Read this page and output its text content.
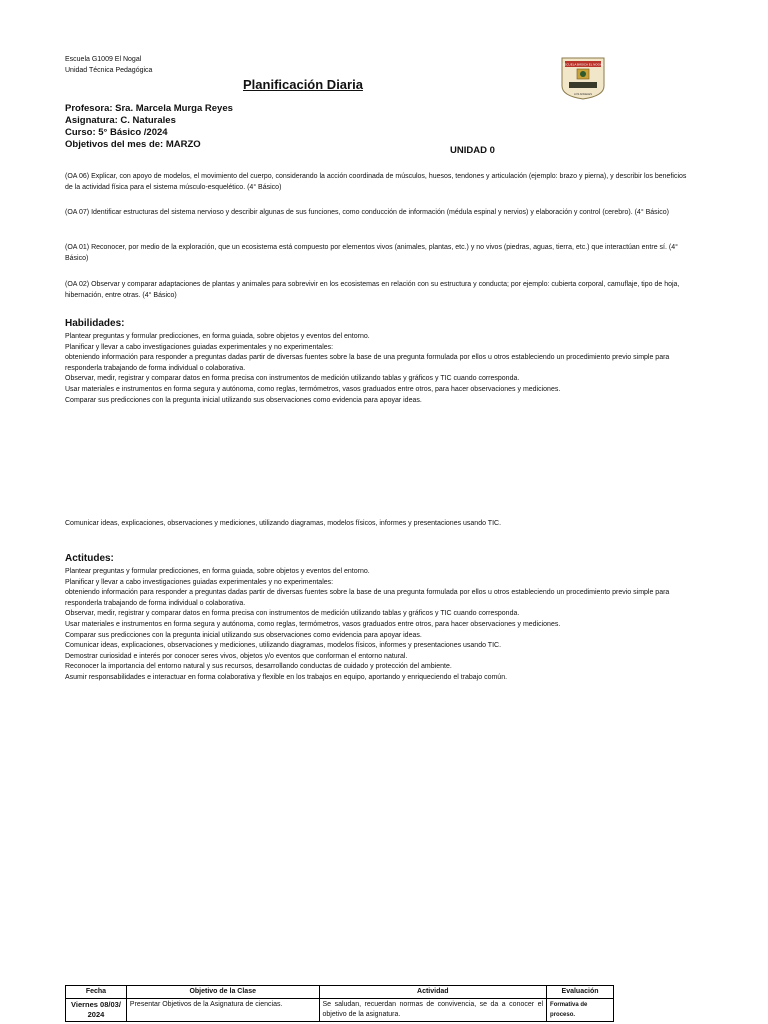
Escuela G1009 El Nogal
Unidad Técnica Pedagógica
Planificación Diaria
ESCUELA BÁSICA EL NOGAL
LOS ANGELES
Profesora: Sra. Marcela Murga Reyes
Asignatura: C. Naturales
Curso: 5° Básico /2024
Objetivos del mes de: MARZO
UNIDAD 0
(OA 06) Explicar, con apoyo de modelos, el movimiento del cuerpo, considerando la acción coordinada de músculos, huesos, tendones y articulación (ejemplo: brazo y pierna), y describir los beneficios de la actividad física para el sistema músculo-esquelético. (4° Básico)
(OA 07) Identificar estructuras del sistema nervioso y describir algunas de sus funciones, como conducción de información (médula espinal y nervios) y elaboración y control (cerebro). (4° Básico)
(OA 01) Reconocer, por medio de la exploración, que un ecosistema está compuesto por elementos vivos (animales, plantas, etc.) y no vivos (piedras, aguas, tierra, etc.) que interactúan entre sí. (4° Básico)
(OA 02) Observar y comparar adaptaciones de plantas y animales para sobrevivir en los ecosistemas en relación con su estructura y conducta; por ejemplo: cubierta corporal, camuflaje, tipo de hoja, hibernación, entre otras. (4° Básico)
Habilidades:
Plantear preguntas y formular predicciones, en forma guiada, sobre objetos y eventos del entorno.
Planificar y llevar a cabo investigaciones guiadas experimentales y no experimentales:
obteniendo información para responder a preguntas dadas partir de diversas fuentes sobre la base de una pregunta formulada por ellos u otros estableciendo un procedimiento previo simple para responderla trabajando de forma individual o colaborativa.
Observar, medir, registrar y comparar datos en forma precisa con instrumentos de medición utilizando tablas y gráficos y TIC cuando corresponda.
Usar materiales e instrumentos en forma segura y autónoma, como reglas, termómetros, vasos graduados entre otros, para hacer observaciones y mediciones.
Comparar sus predicciones con la pregunta inicial utilizando sus observaciones como evidencia para apoyar ideas.
Comunicar ideas, explicaciones, observaciones y mediciones, utilizando diagramas, modelos físicos, informes y presentaciones usando TIC.
Actitudes:
Plantear preguntas y formular predicciones, en forma guiada, sobre objetos y eventos del entorno.
Planificar y llevar a cabo investigaciones guiadas experimentales y no experimentales:
obteniendo información para responder a preguntas dadas partir de diversas fuentes sobre la base de una pregunta formulada por ellos u otros estableciendo un procedimiento previo simple para responderla trabajando de forma individual o colaborativa.
Observar, medir, registrar y comparar datos en forma precisa con instrumentos de medición utilizando tablas y gráficos y TIC cuando corresponda.
Usar materiales e instrumentos en forma segura y autónoma, como reglas, termómetros, vasos graduados entre otros, para hacer observaciones y mediciones.
Comparar sus predicciones con la pregunta inicial utilizando sus observaciones como evidencia para apoyar ideas.
Comunicar ideas, explicaciones, observaciones y mediciones, utilizando diagramas, modelos físicos, informes y presentaciones usando TIC.
Demostrar curiosidad e interés por conocer seres vivos, objetos y/o eventos que conforman el entorno natural.
Reconocer la importancia del entorno natural y sus recursos, desarrollando conductas de cuidado y protección del ambiente.
Asumir responsabilidades e interactuar en forma colaborativa y flexible en los trabajos en equipo, aportando y enriqueciendo el trabajo común.
Fecha	Objetivo de la Clase	Actividad	Evaluación
Viernes 08/03/ 2024	Presentar Objetivos de la Asignatura de ciencias.	Se saludan, recuerdan normas de convivencia, se da a conocer el objetivo de la asignatura.	Formativa de proceso.
